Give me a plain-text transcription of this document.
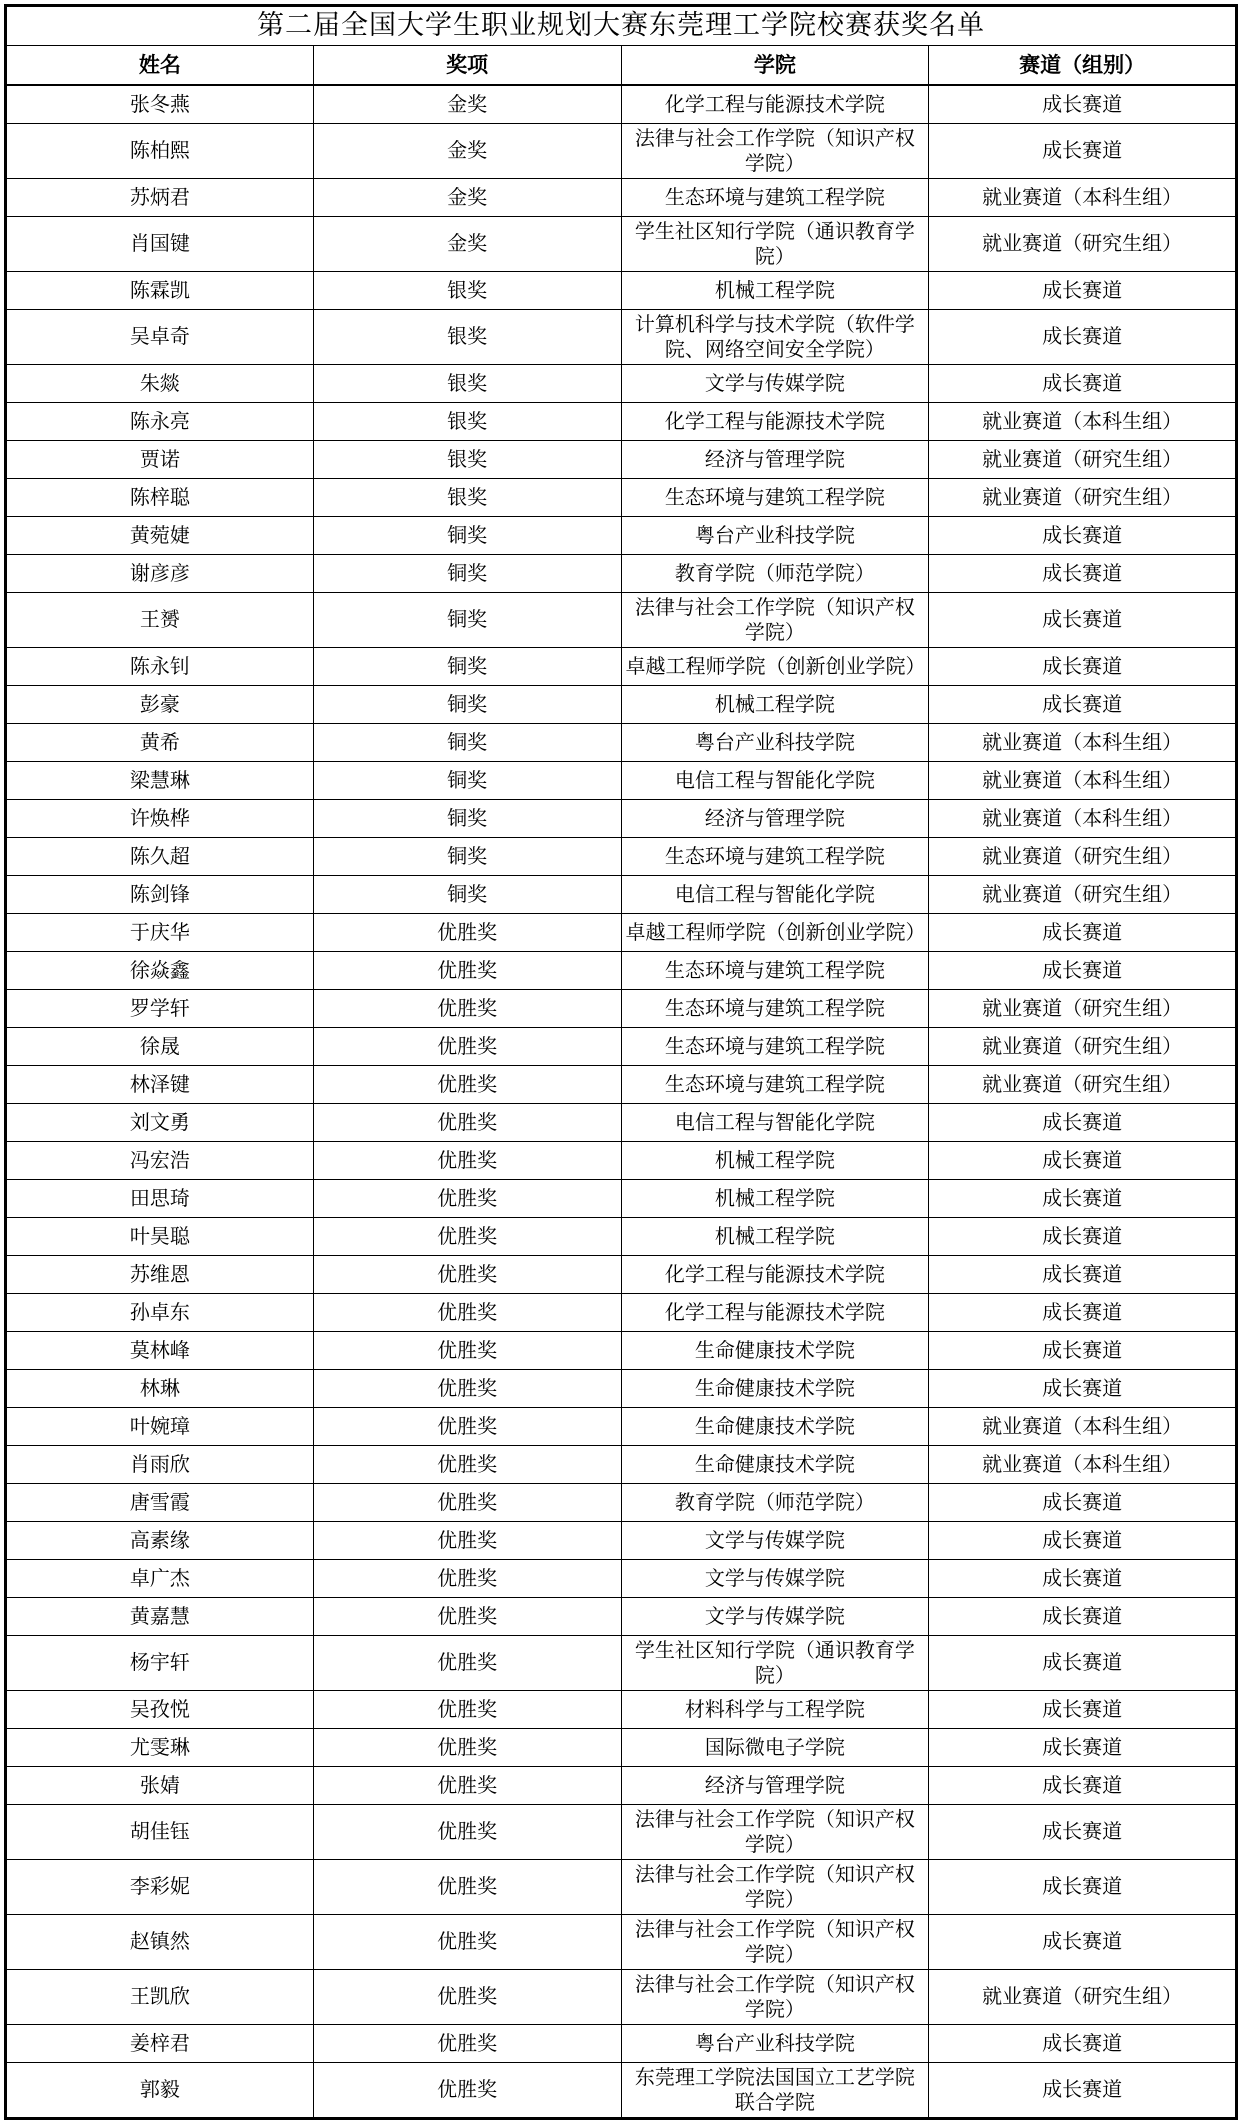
第二届全国大学生职业规划大赛东莞理工学院校赛获奖名单			
姓名	奖项	学院	赛道（组别）
张冬燕	金奖	化学工程与能源技术学院	成长赛道
陈柏熙	金奖	法律与社会工作学院（知识产权学院）	成长赛道
苏炳君	金奖	生态环境与建筑工程学院	就业赛道（本科生组）
肖国键	金奖	学生社区知行学院（通识教育学院）	就业赛道（研究生组）
陈霖凯	银奖	机械工程学院	成长赛道
吴卓奇	银奖	计算机科学与技术学院（软件学院、网络空间安全学院）	成长赛道
朱燚	银奖	文学与传媒学院	成长赛道
陈永亮	银奖	化学工程与能源技术学院	就业赛道（本科生组）
贾诺	银奖	经济与管理学院	就业赛道（研究生组）
陈梓聪	银奖	生态环境与建筑工程学院	就业赛道（研究生组）
黄菀婕	铜奖	粤台产业科技学院	成长赛道
谢彦彦	铜奖	教育学院（师范学院）	成长赛道
王赟	铜奖	法律与社会工作学院（知识产权学院）	成长赛道
陈永钊	铜奖	卓越工程师学院（创新创业学院）	成长赛道
彭豪	铜奖	机械工程学院	成长赛道
黄希	铜奖	粤台产业科技学院	就业赛道（本科生组）
梁慧琳	铜奖	电信工程与智能化学院	就业赛道（本科生组）
许焕桦	铜奖	经济与管理学院	就业赛道（本科生组）
陈久超	铜奖	生态环境与建筑工程学院	就业赛道（研究生组）
陈剑锋	铜奖	电信工程与智能化学院	就业赛道（研究生组）
于庆华	优胜奖	卓越工程师学院（创新创业学院）	成长赛道
徐焱鑫	优胜奖	生态环境与建筑工程学院	成长赛道
罗学轩	优胜奖	生态环境与建筑工程学院	就业赛道（研究生组）
徐晟	优胜奖	生态环境与建筑工程学院	就业赛道（研究生组）
林泽键	优胜奖	生态环境与建筑工程学院	就业赛道（研究生组）
刘文勇	优胜奖	电信工程与智能化学院	成长赛道
冯宏浩	优胜奖	机械工程学院	成长赛道
田思琦	优胜奖	机械工程学院	成长赛道
叶昊聪	优胜奖	机械工程学院	成长赛道
苏维恩	优胜奖	化学工程与能源技术学院	成长赛道
孙卓东	优胜奖	化学工程与能源技术学院	成长赛道
莫林峰	优胜奖	生命健康技术学院	成长赛道
林琳	优胜奖	生命健康技术学院	成长赛道
叶婉璋	优胜奖	生命健康技术学院	就业赛道（本科生组）
肖雨欣	优胜奖	生命健康技术学院	就业赛道（本科生组）
唐雪霞	优胜奖	教育学院（师范学院）	成长赛道
高素缘	优胜奖	文学与传媒学院	成长赛道
卓广杰	优胜奖	文学与传媒学院	成长赛道
黄嘉慧	优胜奖	文学与传媒学院	成长赛道
杨宇轩	优胜奖	学生社区知行学院（通识教育学院）	成长赛道
吴孜悦	优胜奖	材料科学与工程学院	成长赛道
尤雯琳	优胜奖	国际微电子学院	成长赛道
张婧	优胜奖	经济与管理学院	成长赛道
胡佳钰	优胜奖	法律与社会工作学院（知识产权学院）	成长赛道
李彩妮	优胜奖	法律与社会工作学院（知识产权学院）	成长赛道
赵镇然	优胜奖	法律与社会工作学院（知识产权学院）	成长赛道
王凯欣	优胜奖	法律与社会工作学院（知识产权学院）	就业赛道（研究生组）
姜梓君	优胜奖	粤台产业科技学院	成长赛道
郭毅	优胜奖	东莞理工学院法国国立工艺学院联合学院	成长赛道
